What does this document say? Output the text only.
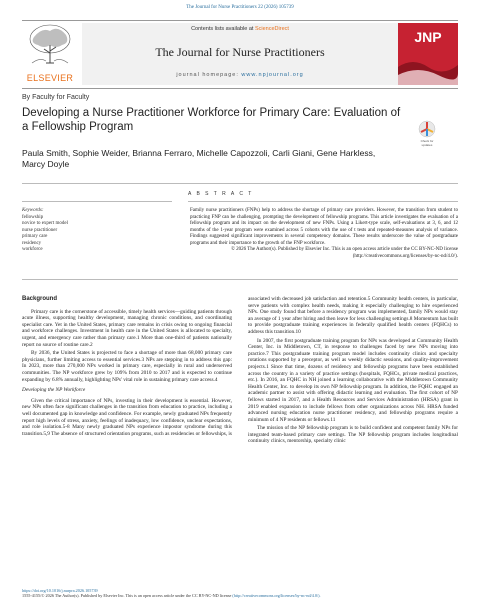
The Journal for Nurse Practitioners 22 (2026) 105739
ELSEVIER
Contents lists available at ScienceDirect
The Journal for Nurse Practitioners
journal homepage: www.npjournal.org
JNP
By Faculty for Faculty
Developing a Nurse Practitioner Workforce for Primary Care: Evaluation of a Fellowship Program
Check for updates
Paula Smith, Sophie Weider, Brianna Ferraro, Michelle Capozzoli, Carli Giani, Gene Harkless, Marcy Doyle
A B S T R A C T
Keywords:
fellowship
novice to expert model
nurse practitioner
primary care
residency
workforce
Family nurse practitioners (FNPs) help to address the shortage of primary care providers. However, the transition from student to practicing FNP can be challenging, prompting the development of fellowship programs. This article investigates the evaluation of a fellowship program and its impact on the development of new FNPs. Using a Likert-type scale, self-evaluations at 3, 6, and 12 months of the 1-year program were examined across 5 cohorts with the use of t tests and repeated-measures analysis of variance. Findings suggested significant improvements in several competency domains. These results underscore the value of postgraduate programs and their importance to the growth of the FNP workforce.
© 2026 The Author(s). Published by Elsevier Inc. This is an open access article under the CC BY-NC-ND license (http://creativecommons.org/licenses/by-nc-nd/4.0/).

Background

Primary care is the cornerstone of accessible, timely health services—guiding patients through acute illness, supporting healthy development, managing chronic conditions, and coordinating specialist care. Yet in the United States, primary care remains in crisis owing to ongoing financial and workforce challenges. Investment in health care in the United States is allocated to specialty, urgent, and emergency care rather than primary care.1 More than one-third of patients nationally report no source of routine care.2

By 2036, the United States is projected to face a shortage of more than 68,000 primary care physicians, further limiting access to essential services.3 NPs are stepping in to address this gap: In 2023, more than 270,000 NPs worked in primary care, especially in rural and underserved communities. The NP workforce grew by 109% from 2010 to 2017 and is expected to continue expanding by 6.8% annually, highlighting NPs' vital role in sustaining primary care access.4

Developing the NP Workforce

Given the critical importance of NPs, investing in their development is essential. However, new NPs often face significant challenges in the transition from education to practice, including a well documented gap in knowledge and confidence. For example, newly graduated NPs frequently report high levels of stress, anxiety, feelings of inadequacy, low confidence, unclear expectations, and role isolation.5-8 Many newly graduated NPs experience impostor syndrome during this transition.5,9 The absence of structured orientation programs, such as residencies or fellowships, is

associated with decreased job satisfaction and retention.5 Community health centers, in particular, serve patients with complex health needs, making it especially challenging to hire experienced NPs. One study found that before a residency program was implemented, family NPs would stay an average of 1 year after hiring and then leave for less challenging settings.8 Momentum has built to provide postgraduate training experiences in federally qualified health centers (FQHCs) to address this transition.10

In 2007, the first postgraduate training program for NPs was developed at Community Health Center, Inc. in Middletown, CT, in response to challenges faced by new NPs moving into practice.7 This postgraduate training program model includes continuity clinics and specialty rotations supported by a preceptor, as well as weekly didactic sessions, and quality-improvement projects.1 Since that time, dozens of residency and fellowship programs have been established across the country in a variety of practice settings (hospitals, FQHCs, private medical practices, etc.). In 2016, an FQHC in NH joined a learning collaborative with the Middletown Community Health Center, Inc. to develop its own NP fellowship program. In addition, the FQHC engaged an academic partner to assist with offering didactic learning and evaluation. The first cohort of NP fellows started in 2017, and a Health Resources and Services Administration (HRSA) grant in 2019 enabled expansion to include fellows from other organizations across NH. HRSA funded advanced nursing education nurse practitioner residency, and fellowship programs require a minimum of 4 NP residents or fellows.11

The mission of the NP fellowship program is to build confident and competent family NPs for integrated team-based primary care settings. The NP fellowship program includes longitudinal continuity clinics, mentorship, specialty clinic

https://doi.org/10.1016/j.nurpra.2026.105739
1555-4155/© 2026 The Author(s). Published by Elsevier Inc. This is an open access article under the CC BY-NC-ND license (http://creativecommons.org/licenses/by-nc-nd/4.0/).
